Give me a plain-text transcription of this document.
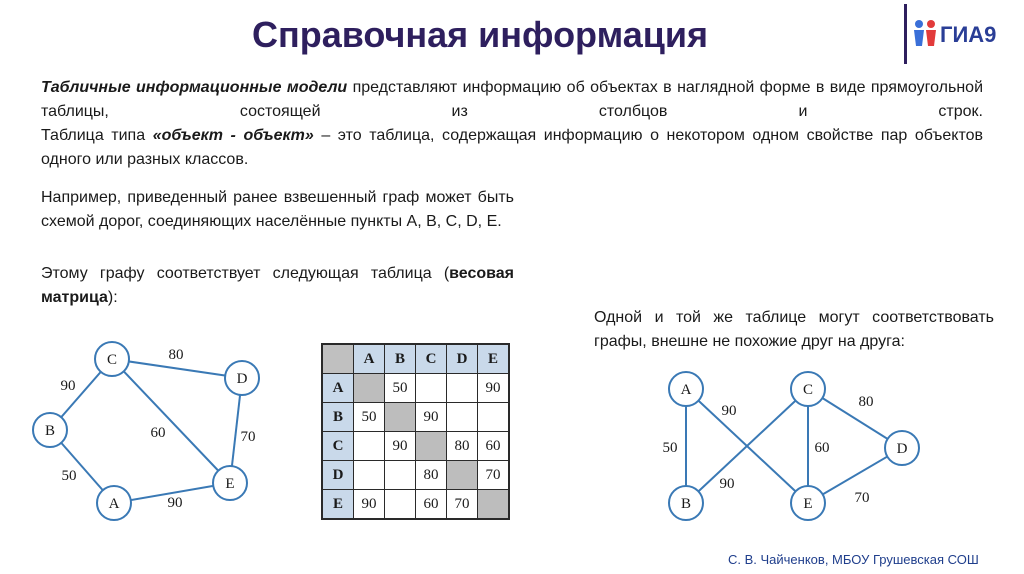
Справочная информация	ГИА9

Табличные информационные модели представляют информацию об объектах в наглядной форме в виде прямоугольной таблицы, состоящей из столбцов и строк.

Таблица типа «объект - объект» – это таблица, содержащая информацию о некотором одном свойстве пар объектов одного или разных классов.

Например, приведенный ранее взвешенный граф может быть схемой дорог, соединяющих населённые пункты А, В, С, D, Е.

Этому графу соответствует следующая таблица (весовая матрица):

Одной и той же таблице могут соответствовать графы, внешне не похожие друг на друга:

C
D
B
E
A
80
90
60	70
50
90
	A	B	C	D	E
A		50			90
B	50		90		
C		90		80	60
D			80		70
E	90		60	70	
A	C
D
B	E
90
50
80
60
90
70
С. В. Чайченков, МБОУ Грушевская СОШ
